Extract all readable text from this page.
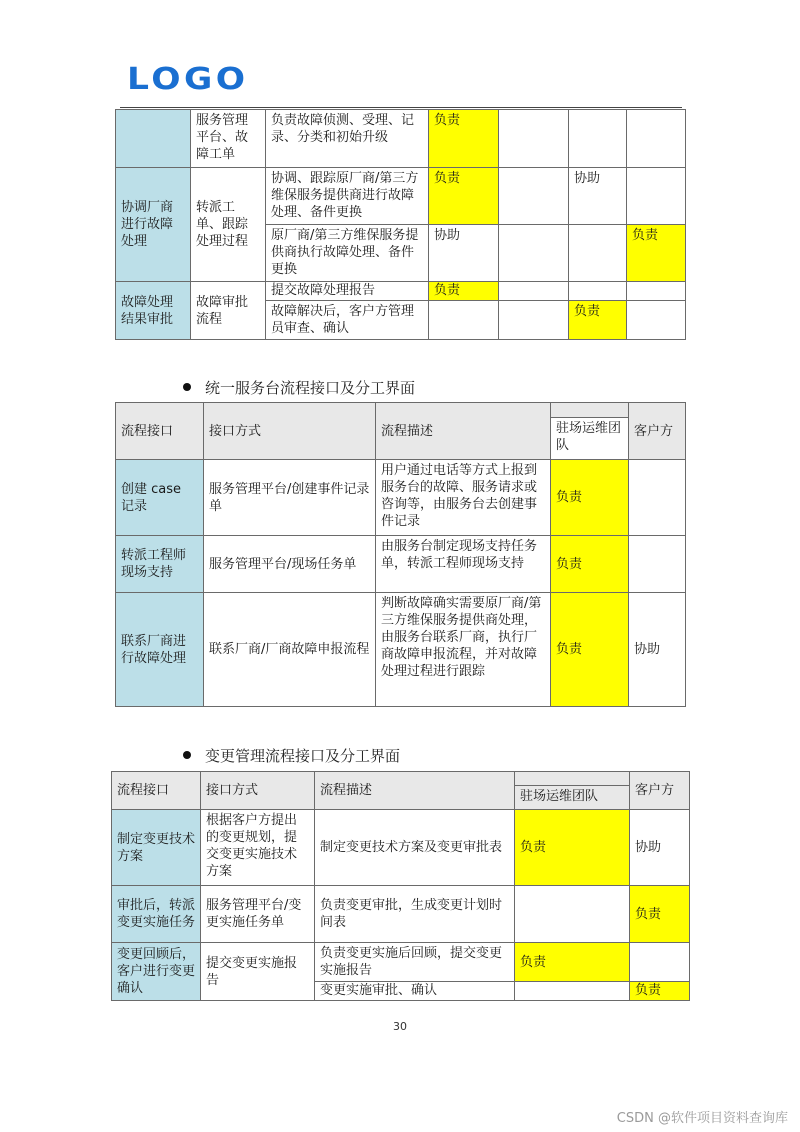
LOGO
	服务管理平台、故障工单	负责故障侦测、受理、记录、分类和初始升级	负责			
协调厂商进行故障处理	转派工单、跟踪处理过程	协调、跟踪原厂商/第三方维保服务提供商进行故障处理、备件更换	负责		协助	
		原厂商/第三方维保服务提供商执行故障处理、备件更换	协助			负责
故障处理结果审批	故障审批流程	提交故障处理报告	负责			
		故障解决后，客户方管理员审查、确认			负责	
统一服务台流程接口及分工界面
流程接口	接口方式	流程描述		客户方
			驻场运维团队	
创建 case 记录	服务管理平台/创建事件记录单	用户通过电话等方式上报到服务台的故障、服务请求或咨询等，由服务台去创建事件记录	负责	
转派工程师现场支持	服务管理平台/现场任务单	由服务台制定现场支持任务单，转派工程师现场支持	负责	
联系厂商进行故障处理	联系厂商/厂商故障申报流程	判断故障确实需要原厂商/第三方维保服务提供商处理，由服务台联系厂商，执行厂商故障申报流程，并对故障处理过程进行跟踪	负责	协助
变更管理流程接口及分工界面
流程接口	接口方式	流程描述		客户方
			驻场运维团队	
制定变更技术方案	根据客户方提出的变更规划，提交变更实施技术方案	制定变更技术方案及变更审批表	负责	协助
审批后，转派变更实施任务	服务管理平台/变更实施任务单	负责变更审批，生成变更计划时间表		负责
变更回顾后，客户进行变更确认	提交变更实施报告	负责变更实施后回顾，提交变更实施报告	负责	
		变更实施审批、确认		负责
30
CSDN @软件项目资料查询库
